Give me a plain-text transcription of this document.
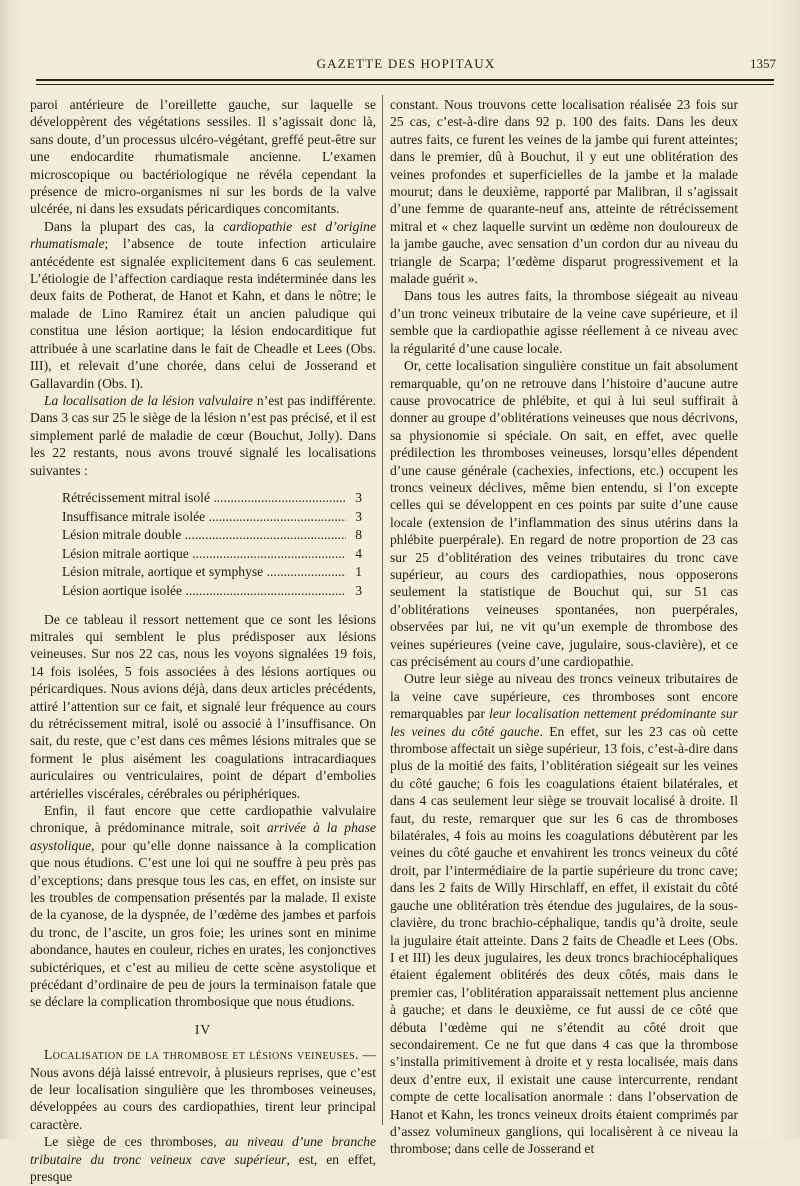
GAZETTE DES HOPITAUX	1357

paroi antérieure de l’oreillette gauche, sur laquelle se développèrent des végétations sessiles. Il s’agissait donc là, sans doute, d’un processus ulcéro-végétant, greffé peut-être sur une endocardite rhumatismale ancienne. L’examen microscopique ou bactériologique ne révéla cependant la présence de micro-organismes ni sur les bords de la valve ulcérée, ni dans les exsudats péricardiques concomitants.

Dans la plupart des cas, la cardiopathie est d’origine rhumatismale; l’absence de toute infection articulaire antécédente est signalée explicitement dans 6 cas seulement. L’étiologie de l’affection cardiaque resta indéterminée dans les deux faits de Potherat, de Hanot et Kahn, et dans le nôtre; le malade de Lino Ramirez était un ancien paludique qui constitua une lésion aortique; la lésion endocarditique fut attribuée à une scarlatine dans le fait de Cheadle et Lees (Obs. III), et relevait d’une chorée, dans celui de Josserand et Gallavardin (Obs. I).

La localisation de la lésion valvulaire n’est pas indifférente. Dans 3 cas sur 25 le siège de la lésion n’est pas précisé, et il est simplement parlé de maladie de cœur (Bouchut, Jolly). Dans les 22 restants, nous avons trouvé signalé les localisations suivantes :

Rétrécissement mitral isolé .....	3
Insuffisance mitrale isolée .....	3
Lésion mitrale double .....	8
Lésion mitrale aortique .....	4
Lésion mitrale, aortique et symphyse .....	1
Lésion aortique isolée .....	3

De ce tableau il ressort nettement que ce sont les lésions mitrales qui semblent le plus prédisposer aux lésions veineuses. Sur nos 22 cas, nous les voyons signalées 19 fois, 14 fois isolées, 5 fois associées à des lésions aortiques ou péricardiques. Nous avions déjà, dans deux articles précédents, attiré l’attention sur ce fait, et signalé leur fréquence au cours du rétrécissement mitral, isolé ou associé à l’insuffisance. On sait, du reste, que c’est dans ces mêmes lésions mitrales que se forment le plus aisément les coagulations intracardiaques auriculaires ou ventriculaires, point de départ d’embolies artérielles viscérales, cérébrales ou périphériques.

Enfin, il faut encore que cette cardiopathie valvulaire chronique, à prédominance mitrale, soit arrivée à la phase asystolique, pour qu’elle donne naissance à la complication que nous étudions. C’est une loi qui ne souffre à peu près pas d’exceptions; dans presque tous les cas, en effet, on insiste sur les troubles de compensation présentés par la malade. Il existe de la cyanose, de la dyspnée, de l’œdème des jambes et parfois du tronc, de l’ascite, un gros foie; les urines sont en minime abondance, hautes en couleur, riches en urates, les conjonctives subictériques, et c’est au milieu de cette scène asystolique et précédant d’ordinaire de peu de jours la terminaison fatale que se déclare la complication thrombosique que nous étudions.

IV

Localisation de la thrombose et lésions veineuses. — Nous avons déjà laissé entrevoir, à plusieurs reprises, que c’est de leur localisation singulière que les thromboses veineuses, développées au cours des cardiopathies, tirent leur principal caractère.

Le siège de ces thromboses, au niveau d’une branche tributaire du tronc veineux cave supérieur, est, en effet, presque

constant. Nous trouvons cette localisation réalisée 23 fois sur 25 cas, c’est-à-dire dans 92 p. 100 des faits. Dans les deux autres faits, ce furent les veines de la jambe qui furent atteintes; dans le premier, dû à Bouchut, il y eut une oblitération des veines profondes et superficielles de la jambe et la malade mourut; dans le deuxième, rapporté par Malibran, il s’agissait d’une femme de quarante-neuf ans, atteinte de rétrécissement mitral et « chez laquelle survint un œdème non douloureux de la jambe gauche, avec sensation d’un cordon dur au niveau du triangle de Scarpa; l’œdème disparut progressivement et la malade guérit ».

Dans tous les autres faits, la thrombose siégeait au niveau d’un tronc veineux tributaire de la veine cave supérieure, et il semble que la cardiopathie agisse réellement à ce niveau avec la régularité d’une cause locale.

Or, cette localisation singulière constitue un fait absolument remarquable, qu’on ne retrouve dans l’histoire d’aucune autre cause provocatrice de phlébite, et qui à lui seul suffirait à donner au groupe d’oblitérations veineuses que nous décrivons, sa physionomie si spéciale. On sait, en effet, avec quelle prédilection les thromboses veineuses, lorsqu’elles dépendent d’une cause générale (cachexies, infections, etc.) occupent les troncs veineux déclives, même bien entendu, si l’on excepte celles qui se développent en ces points par suite d’une cause locale (extension de l’inflammation des sinus utérins dans la phlébite puerpérale). En regard de notre proportion de 23 cas sur 25 d’oblitération des veines tributaires du tronc cave supérieur, au cours des cardiopathies, nous opposerons seulement la statistique de Bouchut qui, sur 51 cas d’oblitérations veineuses spontanées, non puerpérales, observées par lui, ne vit qu’un exemple de thrombose des veines supérieures (veine cave, jugulaire, sous-clavière), et ce cas précisément au cours d’une cardiopathie.

Outre leur siège au niveau des troncs veineux tributaires de la veine cave supérieure, ces thromboses sont encore remarquables par leur localisation nettement prédominante sur les veines du côté gauche. En effet, sur les 23 cas où cette thrombose affectait un siège supérieur, 13 fois, c’est-à-dire dans plus de la moitié des faits, l’oblitération siégeait sur les veines du côté gauche; 6 fois les coagulations étaient bilatérales, et dans 4 cas seulement leur siège se trouvait localisé à droite. Il faut, du reste, remarquer que sur les 6 cas de thromboses bilatérales, 4 fois au moins les coagulations débutèrent par les veines du côté gauche et envahirent les troncs veineux du côté droit, par l’intermédiaire de la partie supérieure du tronc cave; dans les 2 faits de Willy Hirschlaff, en effet, il existait du côté gauche une oblitération très étendue des jugulaires, de la sous-clavière, du tronc brachio-céphalique, tandis qu’à droite, seule la jugulaire était atteinte. Dans 2 faits de Cheadle et Lees (Obs. I et III) les deux jugulaires, les deux troncs brachiocéphaliques étaient également oblitérés des deux côtés, mais dans le premier cas, l’oblitération apparaissait nettement plus ancienne à gauche; et dans le deuxième, ce fut aussi de ce côté que débuta l’œdème qui ne s’étendit au côté droit que secondairement. Ce ne fut que dans 4 cas que la thrombose s’installa primitivement à droite et y resta localisée, mais dans deux d’entre eux, il existait une cause intercurrente, rendant compte de cette localisation anormale : dans l’observation de Hanot et Kahn, les troncs veineux droits étaient comprimés par d’assez volumineux ganglions, qui localisèrent à ce niveau la thrombose; dans celle de Josserand et
